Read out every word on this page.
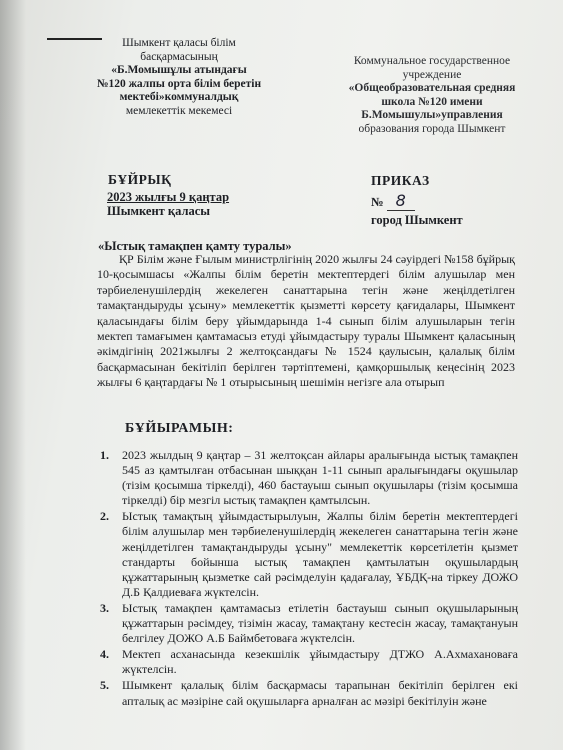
Шымкент қаласы білім
басқармасының
«Б.Момышұлы атындағы
№120 жалпы орта білім беретін
мектебі»коммуналдық
мемлекеттік мекемесі
Коммунальное государственное
учреждение
«Общеобразовательная средняя
школа №120 имени
Б.Момышулы»управления
образования города Шымкент
БҰЙРЫҚ	ПРИКАЗ
2023 жылғы 9 қаңтар
Шымкент қаласы
№ 8
город Шымкент
«Ыстық тамақпен қамту туралы»
ҚР Білім және Ғылым министрлігінің 2020 жылғы 24 сәуірдегі №158 бұйрық 10-қосымшасы «Жалпы білім беретін мектептердегі білім алушылар мен тәрбиеленушілердің жекелеген санаттарына тегін және жеңілдетілген тамақтандыруды ұсыну» мемлекеттік қызметті көрсету қағидалары, Шымкент қаласындағы білім беру ұйымдарында 1-4 сынып білім алушыларын тегін мектеп тамағымен қамтамасыз етуді ұйымдастыру туралы Шымкент қаласының әкімдігінің 2021жылғы 2 желтоқсандағы № 1524 қаулысын, қалалық білім басқармасынан бекітіліп берілген тәртіптемені, қамқоршылық кеңесінің 2023 жылғы 6 қаңтардағы № 1 отырысының шешімін негізге ала отырып
БҰЙЫРАМЫН:
1. 2023 жылдың 9 қаңтар – 31 желтоқсан айлары аралығында ыстық тамақпен 545 аз қамтылған отбасынан шыққан 1-11 сынып аралығындағы оқушылар (тізім қосымша тіркелді), 460 бастауыш сынып оқушылары (тізім қосымша тіркелді) бір мезгіл ыстық тамақпен қамтылсын.
2. Ыстық тамақтың ұйымдастырылуын, Жалпы білім беретін мектептердегі білім алушылар мен тәрбиеленушілердің жекелеген санаттарына тегін және жеңілдетілген тамақтандыруды ұсыну" мемлекеттік көрсетілетін қызмет стандарты бойынша ыстық тамақпен қамтылатын оқушылардың құжаттарының қызметке сай рәсімделуін қадағалау, ҰБДҚ-на тіркеу ДОЖО Д.Б Қалдиеваға жүктелсін.
3. Ыстық тамақпен қамтамасыз етілетін бастауыш сынып оқушыларының құжаттарын рәсімдеу, тізімін жасау, тамақтану кестесін жасау, тамақтануын белгілеу ДОЖО А.Б Баймбетоваға жүктелсін.
4. Мектеп асханасында кезекшілік ұйымдастыру ДТЖО А.Ахмахановаға жүктелсін.
5. Шымкент қалалық білім басқармасы тарапынан бекітіліп берілген екі апталық ас мәзіріне сай оқушыларға арналған ас мәзірі бекітілуін және
